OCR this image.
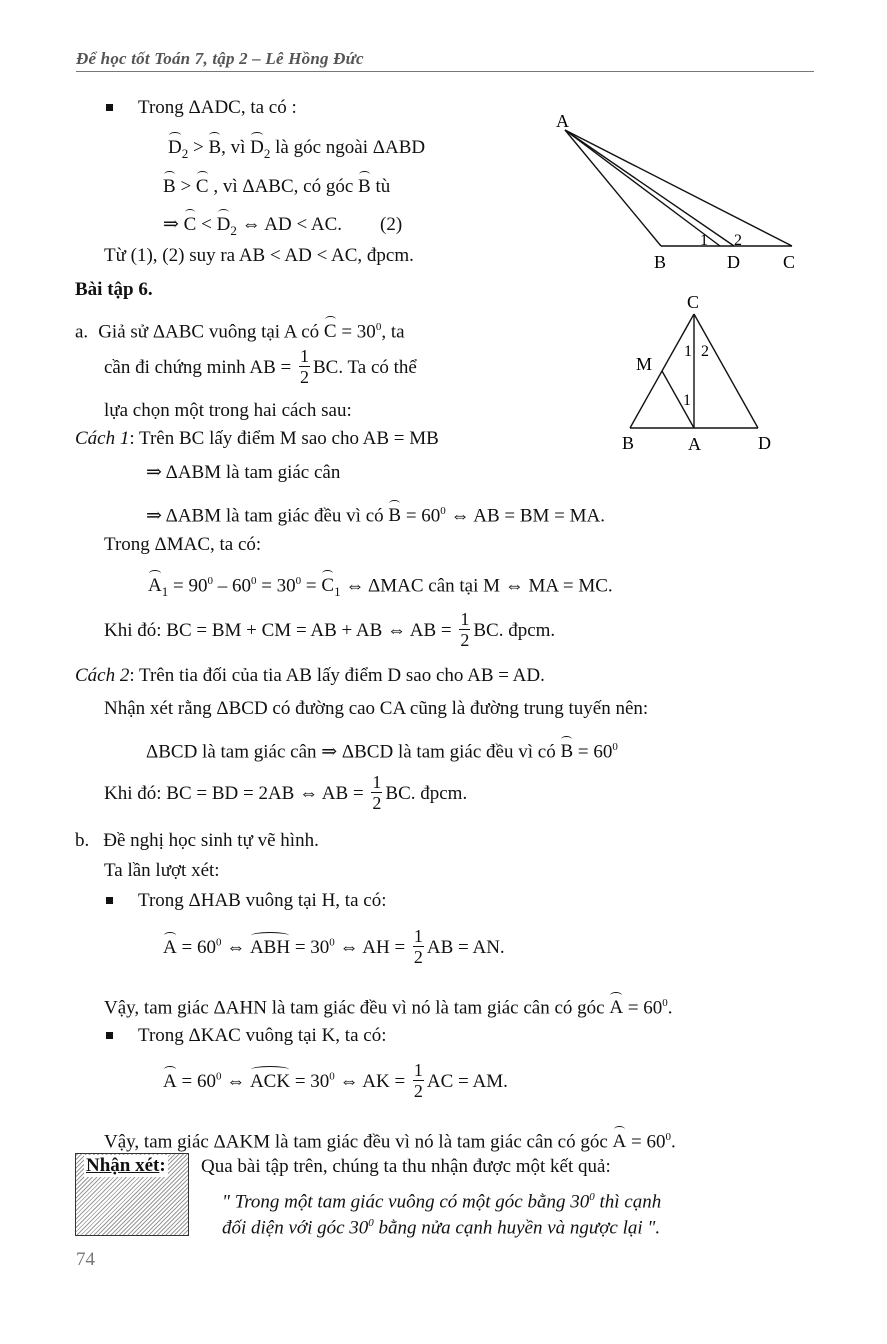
Để học tốt Toán 7, tập 2 – Lê Hồng Đức
Trong ΔADC, ta có :
$D_2 > B$, vì $D_2$ là góc ngoài ΔABD
B > C , vì ΔABC, có góc B tù
⇒ $C < D_2$ ⇔ AD < AC. (2)
Từ (1), (2) suy ra AB < AD < AC, đpcm.
Bài tập 6.
a. Giả sử ΔABC vuông tại A có $C = 30^0$, ta
cần đi chứng minh AB = $\frac{1}{2}$ BC. Ta có thể
lựa chọn một trong hai cách sau:
Cách 1: Trên BC lấy điểm M sao cho AB = MB
⇒ ΔABM là tam giác cân
⇒ ΔABM là tam giác đều vì có $B = 60^0$ ⇔ AB = BM = MA.
Trong ΔMAC, ta có:
$A_1 = 90^0 - 60^0 = 30^0 = C_1$ ⇔ ΔMAC cân tại M ⇔ MA = MC.
Khi đó: BC = BM + CM = AB + AB ⇔ AB = $\frac{1}{2}$ BC. đpcm.
Cách 2: Trên tia đối của tia AB lấy điểm D sao cho AB = AD.
Nhận xét rằng ΔBCD có đường cao CA cũng là đường trung tuyến nên:
ΔBCD là tam giác cân ⇒ ΔBCD là tam giác đều vì có $B = 60^0$
Khi đó: BC = BD = 2AB ⇔ AB = $\frac{1}{2}$ BC. đpcm.
b. Đề nghị học sinh tự vẽ hình.
Ta lần lượt xét:
Trong ΔHAB vuông tại H, ta có:
$A = 60^0$ ⇔ ABH = $30^0$ ⇔ AH = $\frac{1}{2}$ AB = AN.
Vậy, tam giác ΔAHN là tam giác đều vì nó là tam giác cân có góc $A = 60^0$.
Trong ΔKAC vuông tại K, ta có:
$A = 60^0$ ⇔ ACK = $30^0$ ⇔ AK = $\frac{1}{2}$ AC = AM.
Vậy, tam giác ΔAKM là tam giác đều vì nó là tam giác cân có góc $A = 60^0$.
Nhận xét: Qua bài tập trên, chúng ta thu nhận được một kết quả:
" Trong một tam giác vuông có một góc bằng $30^0$ thì cạnh
đối diện với góc $30^0$ bằng nửa cạnh huyền và ngược lại ".
74
A
B	D C
1 2
C
M
B	A	D
1 2
1
